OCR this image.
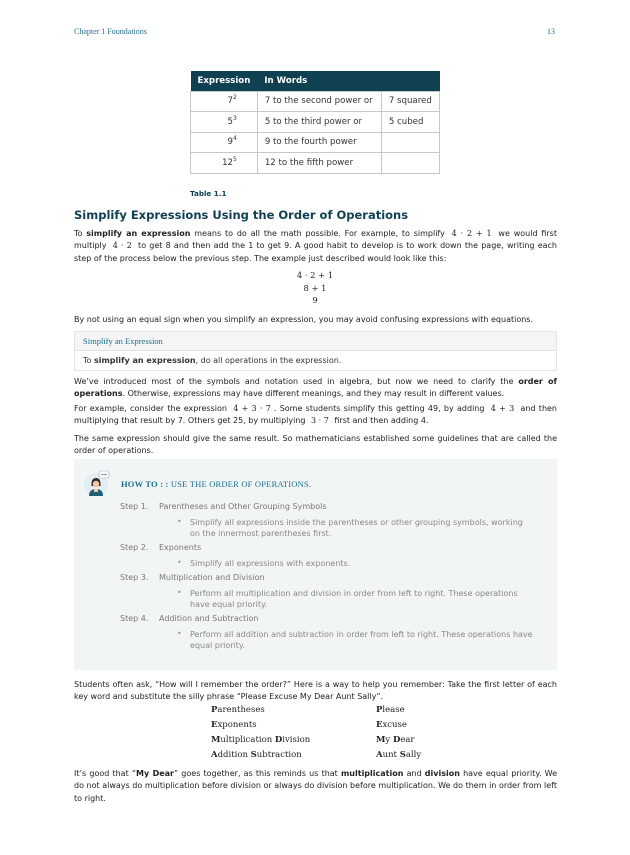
Chapter 1 Foundations	13
Expression	In Words	
$7^2$	7 to the second power or	7 squared
$5^3$	5 to the third power or	5 cubed
$9^4$	9 to the fourth power	
$12^5$	12 to the fifth power	
Table 1.1
Simplify Expressions Using the Order of Operations

To simplify an expression means to do all the math possible. For example, to simplify 4 · 2 + 1 we would first multiply 4 · 2 to get 8 and then add the 1 to get 9. A good habit to develop is to work down the page, writing each step of the process below the previous step. The example just described would look like this:

4 · 2 + 1
8 + 1
9

By not using an equal sign when you simplify an expression, you may avoid confusing expressions with equations.

Simplify an Expression
To simplify an expression, do all operations in the expression.

We’ve introduced most of the symbols and notation used in algebra, but now we need to clarify the order of operations. Otherwise, expressions may have different meanings, and they may result in different values.

For example, consider the expression 4 + 3 · 7 . Some students simplify this getting 49, by adding 4 + 3 and then multiplying that result by 7. Others get 25, by multiplying 3 · 7 first and then adding 4.

The same expression should give the same result. So mathematicians established some guidelines that are called the order of operations.

HOW TO : : USE THE ORDER OF OPERATIONS.
Step 1. Parentheses and Other Grouping Symbols
• Simplify all expressions inside the parentheses or other grouping symbols, working on the innermost parentheses first.
Step 2. Exponents
• Simplify all expressions with exponents.
Step 3. Multiplication and Division
• Perform all multiplication and division in order from left to right. These operations have equal priority.
Step 4. Addition and Subtraction
• Perform all addition and subtraction in order from left to right. These operations have equal priority.

Students often ask, “How will I remember the order?” Here is a way to help you remember: Take the first letter of each key word and substitute the silly phrase “Please Excuse My Dear Aunt Sally”.

Parentheses	Please
Exponents	Excuse
Multiplication Division	My Dear
Addition Subtraction	Aunt Sally

It’s good that “My Dear” goes together, as this reminds us that multiplication and division have equal priority. We do not always do multiplication before division or always do division before multiplication. We do them in order from left to right.
